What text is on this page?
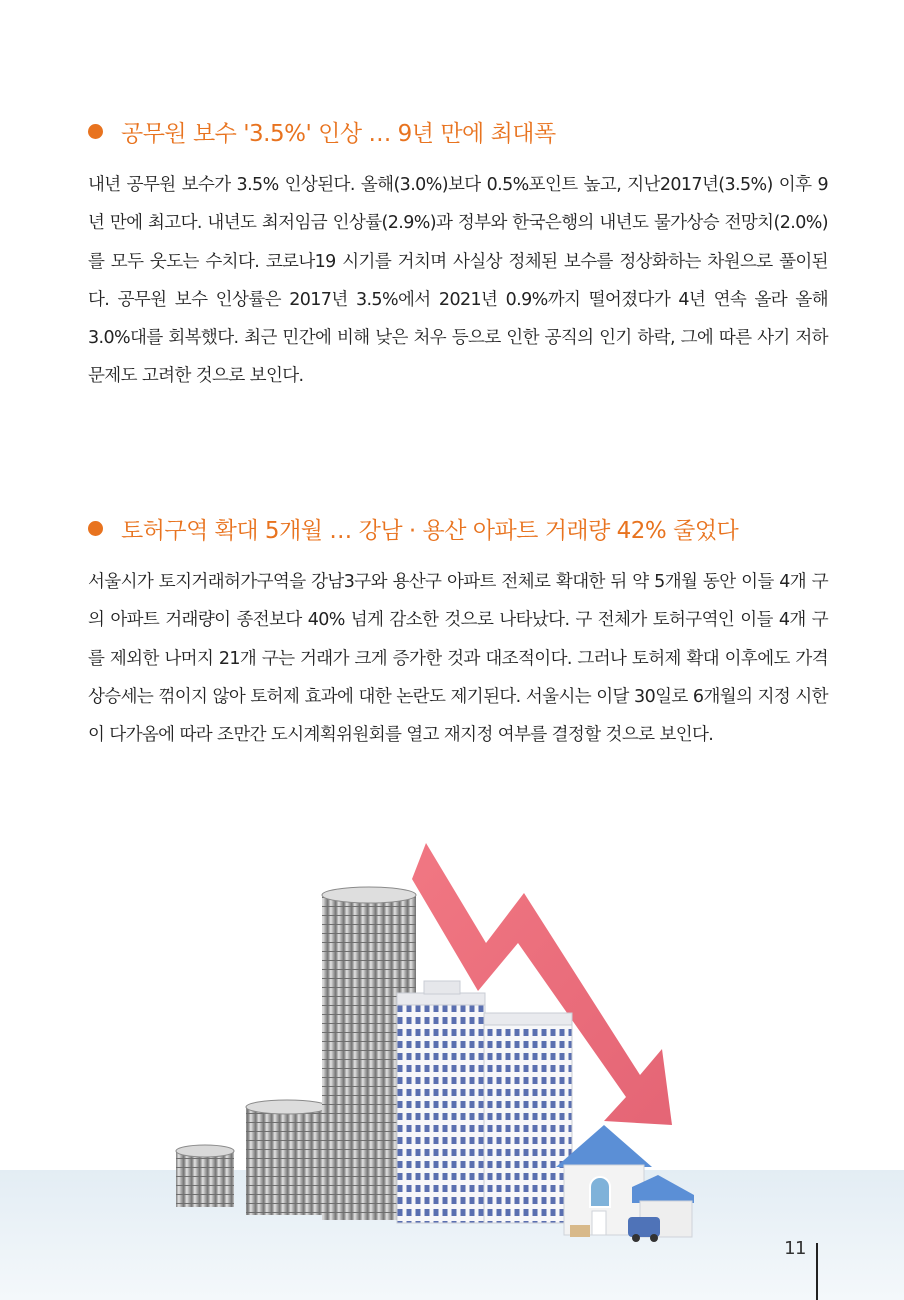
공무원 보수 '3.5%' 인상 … 9년 만에 최대폭

내년 공무원 보수가 3.5% 인상된다. 올해(3.0%)보다 0.5%포인트 높고, 지난2017년(3.5%) 이후 9년 만에 최고다. 내년도 최저임금 인상률(2.9%)과 정부와 한국은행의 내년도 물가상승 전망치(2.0%)를 모두 웃도는 수치다. 코로나19 시기를 거치며 사실상 정체된 보수를 정상화하는 차원으로 풀이된다. 공무원 보수 인상률은 2017년 3.5%에서 2021년 0.9%까지 떨어졌다가 4년 연속 올라 올해 3.0%대를 회복했다. 최근 민간에 비해 낮은 처우 등으로 인한 공직의 인기 하락, 그에 따른 사기 저하 문제도 고려한 것으로 보인다.

토허구역 확대 5개월 … 강남 · 용산 아파트 거래량 42% 줄었다

서울시가 토지거래허가구역을 강남3구와 용산구 아파트 전체로 확대한 뒤 약 5개월 동안 이들 4개 구의 아파트 거래량이 종전보다 40% 넘게 감소한 것으로 나타났다. 구 전체가 토허구역인 이들 4개 구를 제외한 나머지 21개 구는 거래가 크게 증가한 것과 대조적이다. 그러나 토허제 확대 이후에도 가격 상승세는 꺾이지 않아 토허제 효과에 대한 논란도 제기된다. 서울시는 이달 30일로 6개월의 지정 시한이 다가옴에 따라 조만간 도시계획위원회를 열고 재지정 여부를 결정할 것으로 보인다.

11
